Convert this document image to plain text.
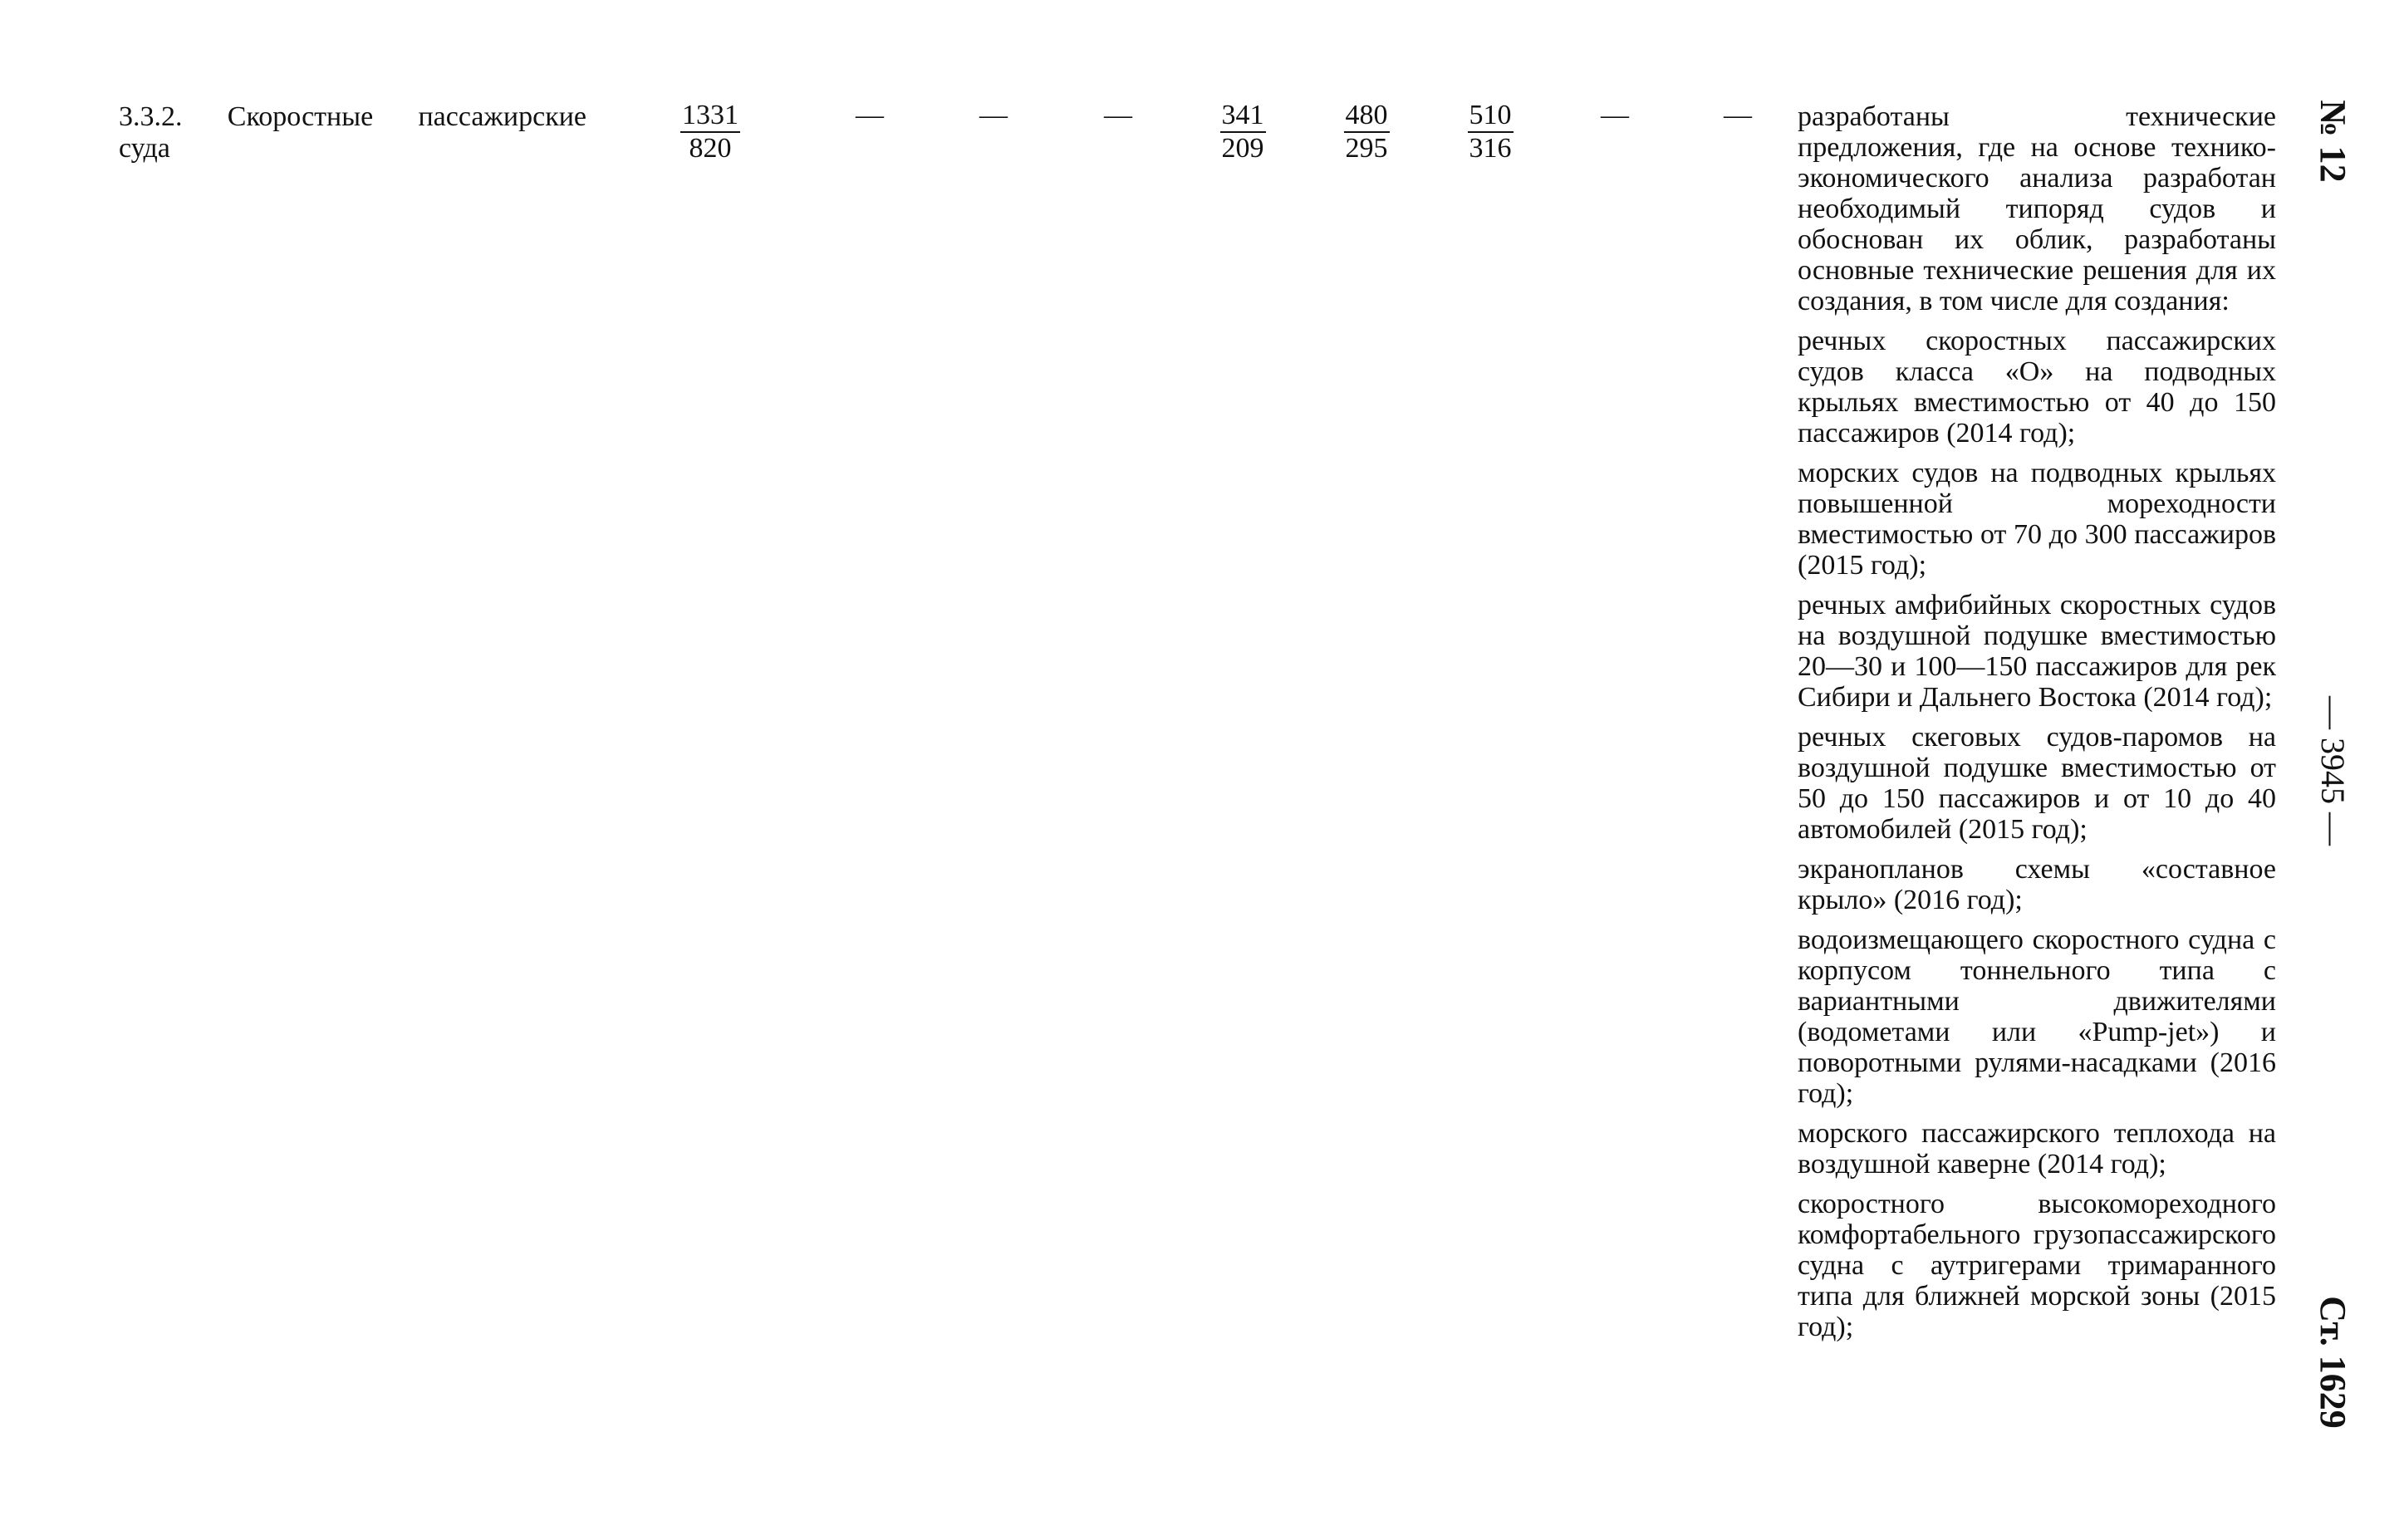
3.3.2. Скоростные пассажирские
суда	$\frac{1331}{820}$	—	—	—	$\frac{341}{209} \frac{480}{295} \frac{510}{316}$	—	—	разработаны технические предложения, где на основе технико-экономического анализа разработан необходимый типоряд судов и обоснован их облик, разработаны основные технические решения для их создания, в том числе для создания:

речных скоростных пассажирских судов класса «О» на подводных крыльях вместимостью от 40 до 150 пассажиров (2014 год);

морских судов на подводных крыльях повышенной мореходности вместимостью от 70 до 300 пассажиров (2015 год);

речных амфибийных скоростных судов на воздушной подушке вместимостью 20—30 и 100—150 пассажиров для рек Сибири и Дальнего Востока (2014 год);

речных скеговых судов-паромов на воздушной подушке вместимостью от 50 до 150 пассажиров и от 10 до 40 автомобилей (2015 год);

экранопланов схемы «составное крыло» (2016 год);

водоизмещающего скоростного судна с корпусом тоннельного типа с вариантными движителями (водометами или «Pump-jet») и поворотными рулями-насадками (2016 год);

морского пассажирского теплохода на воздушной каверне (2014 год);

скоростного высокомореходного комфортабельного грузопассажирского судна с аутригерами тримаранного типа для ближней морской зоны (2015 год);

№ 12
— 3945 —
Ст. 1629
